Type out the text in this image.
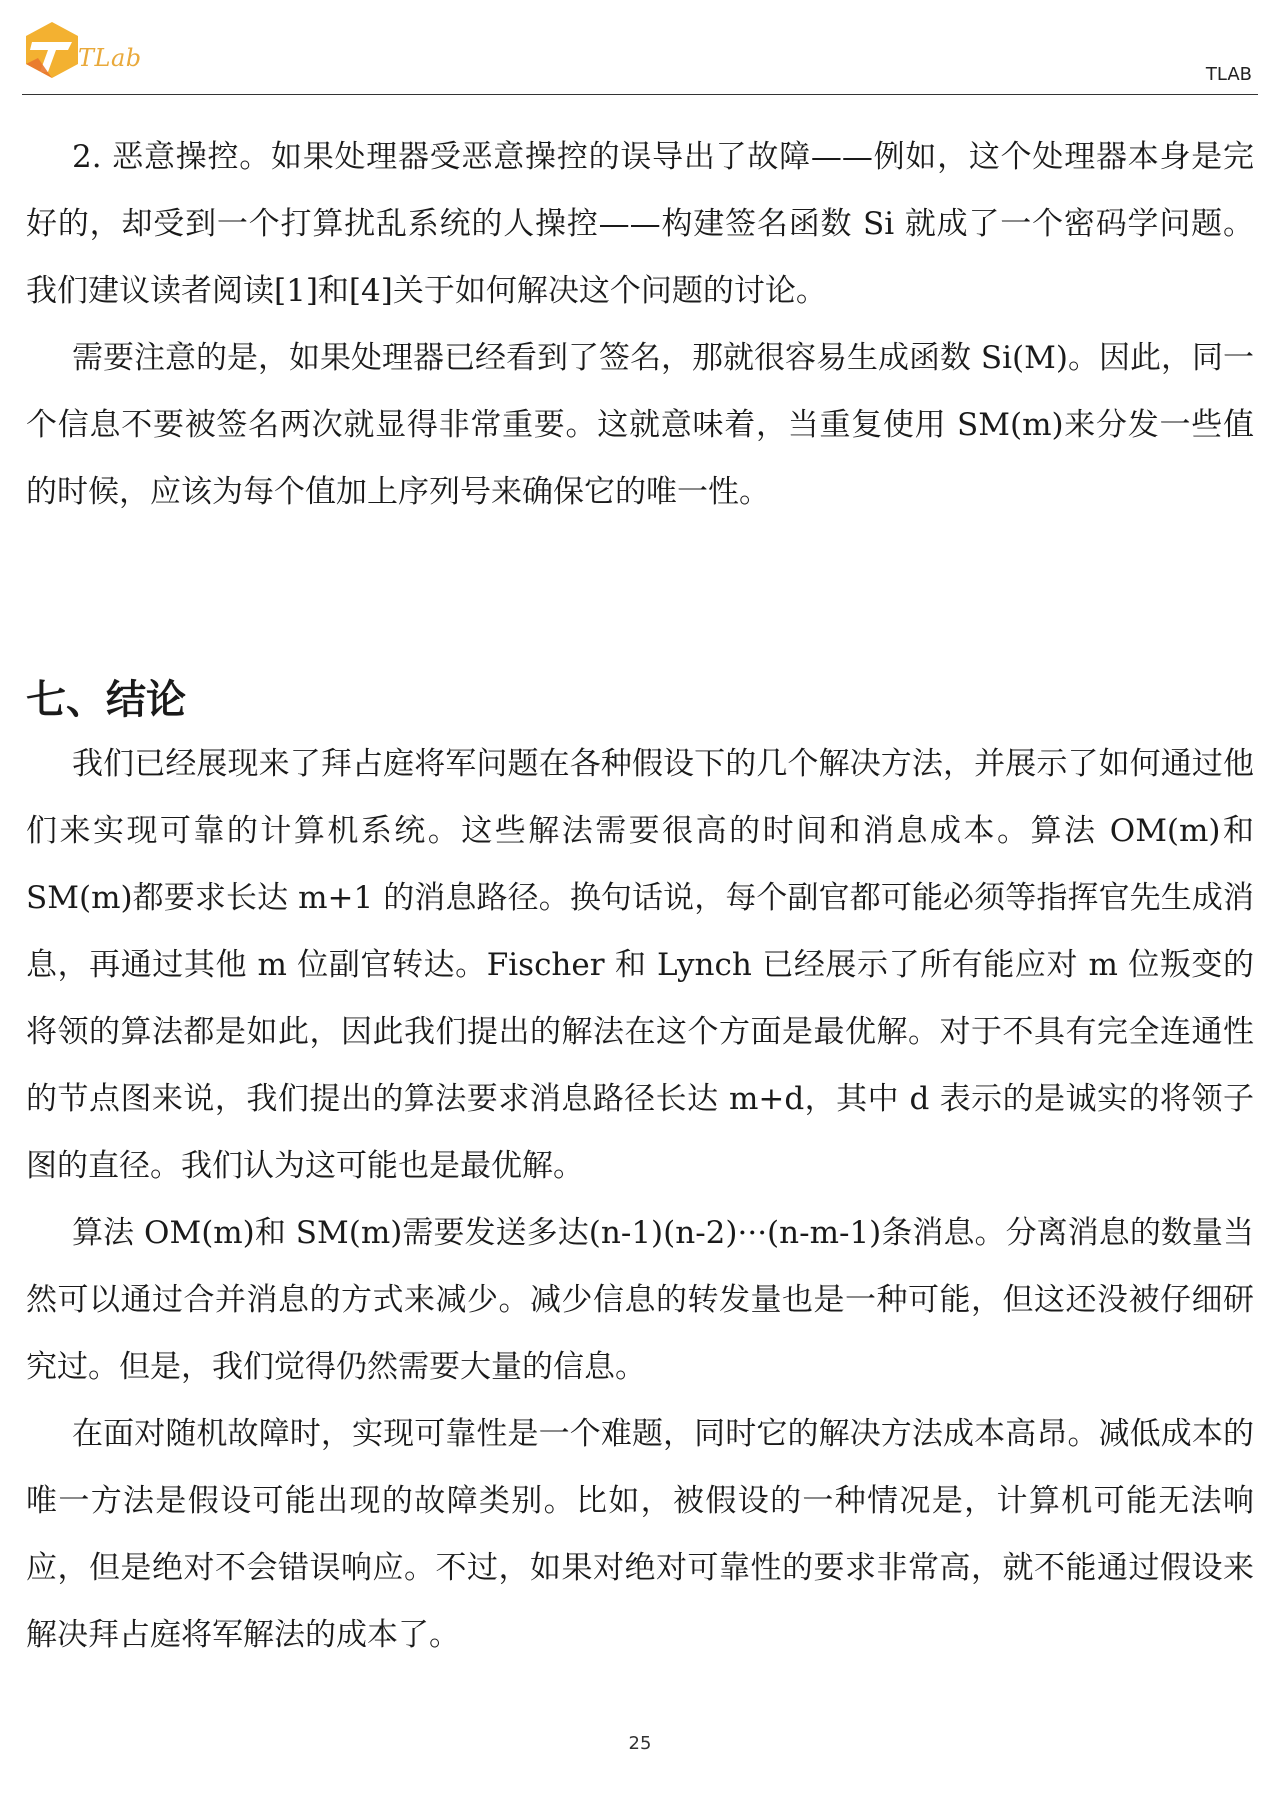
TLab
TLAB

2. 恶意操控。如果处理器受恶意操控的误导出了故障——例如，这个处理器本身是完好的，却受到一个打算扰乱系统的人操控——构建签名函数 Si 就成了一个密码学问题。我们建议读者阅读[1]和[4]关于如何解决这个问题的讨论。

需要注意的是，如果处理器已经看到了签名，那就很容易生成函数 Si(M)。因此，同一个信息不要被签名两次就显得非常重要。这就意味着，当重复使用 SM(m)来分发一些值的时候，应该为每个值加上序列号来确保它的唯一性。

七、结论

我们已经展现来了拜占庭将军问题在各种假设下的几个解决方法，并展示了如何通过他们来实现可靠的计算机系统。这些解法需要很高的时间和消息成本。算法 OM(m)和 SM(m)都要求长达 m+1 的消息路径。换句话说，每个副官都可能必须等指挥官先生成消息，再通过其他 m 位副官转达。Fischer 和 Lynch 已经展示了所有能应对 m 位叛变的将领的算法都是如此，因此我们提出的解法在这个方面是最优解。对于不具有完全连通性的节点图来说，我们提出的算法要求消息路径长达 m+d，其中 d 表示的是诚实的将领子图的直径。我们认为这可能也是最优解。

算法 OM(m)和 SM(m)需要发送多达(n-1)(n-2)···(n-m-1)条消息。分离消息的数量当然可以通过合并消息的方式来减少。减少信息的转发量也是一种可能，但这还没被仔细研究过。但是，我们觉得仍然需要大量的信息。

在面对随机故障时，实现可靠性是一个难题，同时它的解决方法成本高昂。减低成本的唯一方法是假设可能出现的故障类别。比如，被假设的一种情况是，计算机可能无法响应，但是绝对不会错误响应。不过，如果对绝对可靠性的要求非常高，就不能通过假设来解决拜占庭将军解法的成本了。

25
